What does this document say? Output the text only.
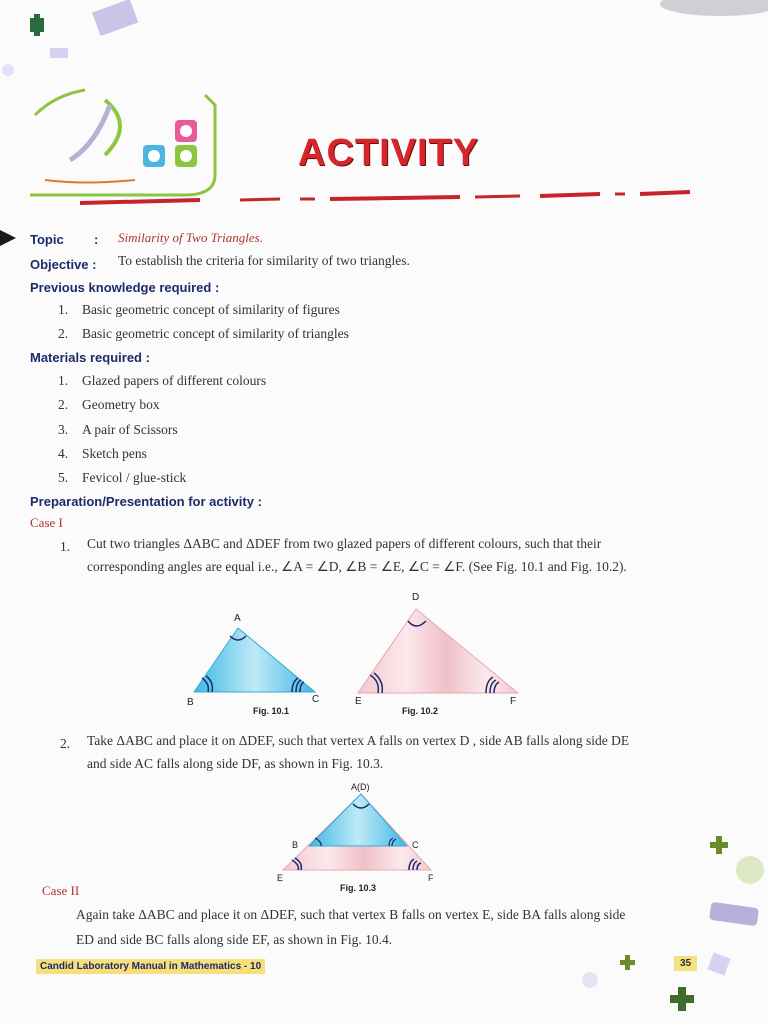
ACTIVITY
Topic : Similarity of Two Triangles.
Objective : To establish the criteria for similarity of two triangles.
Previous knowledge required :
1. Basic geometric concept of similarity of figures
2. Basic geometric concept of similarity of triangles
Materials required :
1. Glazed papers of different colours
2. Geometry box
3. A pair of Scissors
4. Sketch pens
5. Fevicol / glue-stick
Preparation/Presentation for activity :
Case I
1. Cut two triangles ΔABC and ΔDEF from two glazed papers of different colours, such that their
corresponding angles are equal i.e., ∠A = ∠D, ∠B = ∠E, ∠C = ∠F. (See Fig. 10.1 and Fig. 10.2).
A
B	C
Fig. 10.1
D
E	F
Fig. 10.2
2. Take ΔABC and place it on ΔDEF, such that vertex A falls on vertex D , side AB falls along side DE
and side AC falls along side DF, as shown in Fig. 10.3.
A(D)
B	C
E	F
Fig. 10.3
Case II
Again take ΔABC and place it on ΔDEF, such that vertex B falls on vertex E, side BA falls along side
ED and side BC falls along side EF, as shown in Fig. 10.4.
Candid Laboratory Manual in Mathematics - 10	35
